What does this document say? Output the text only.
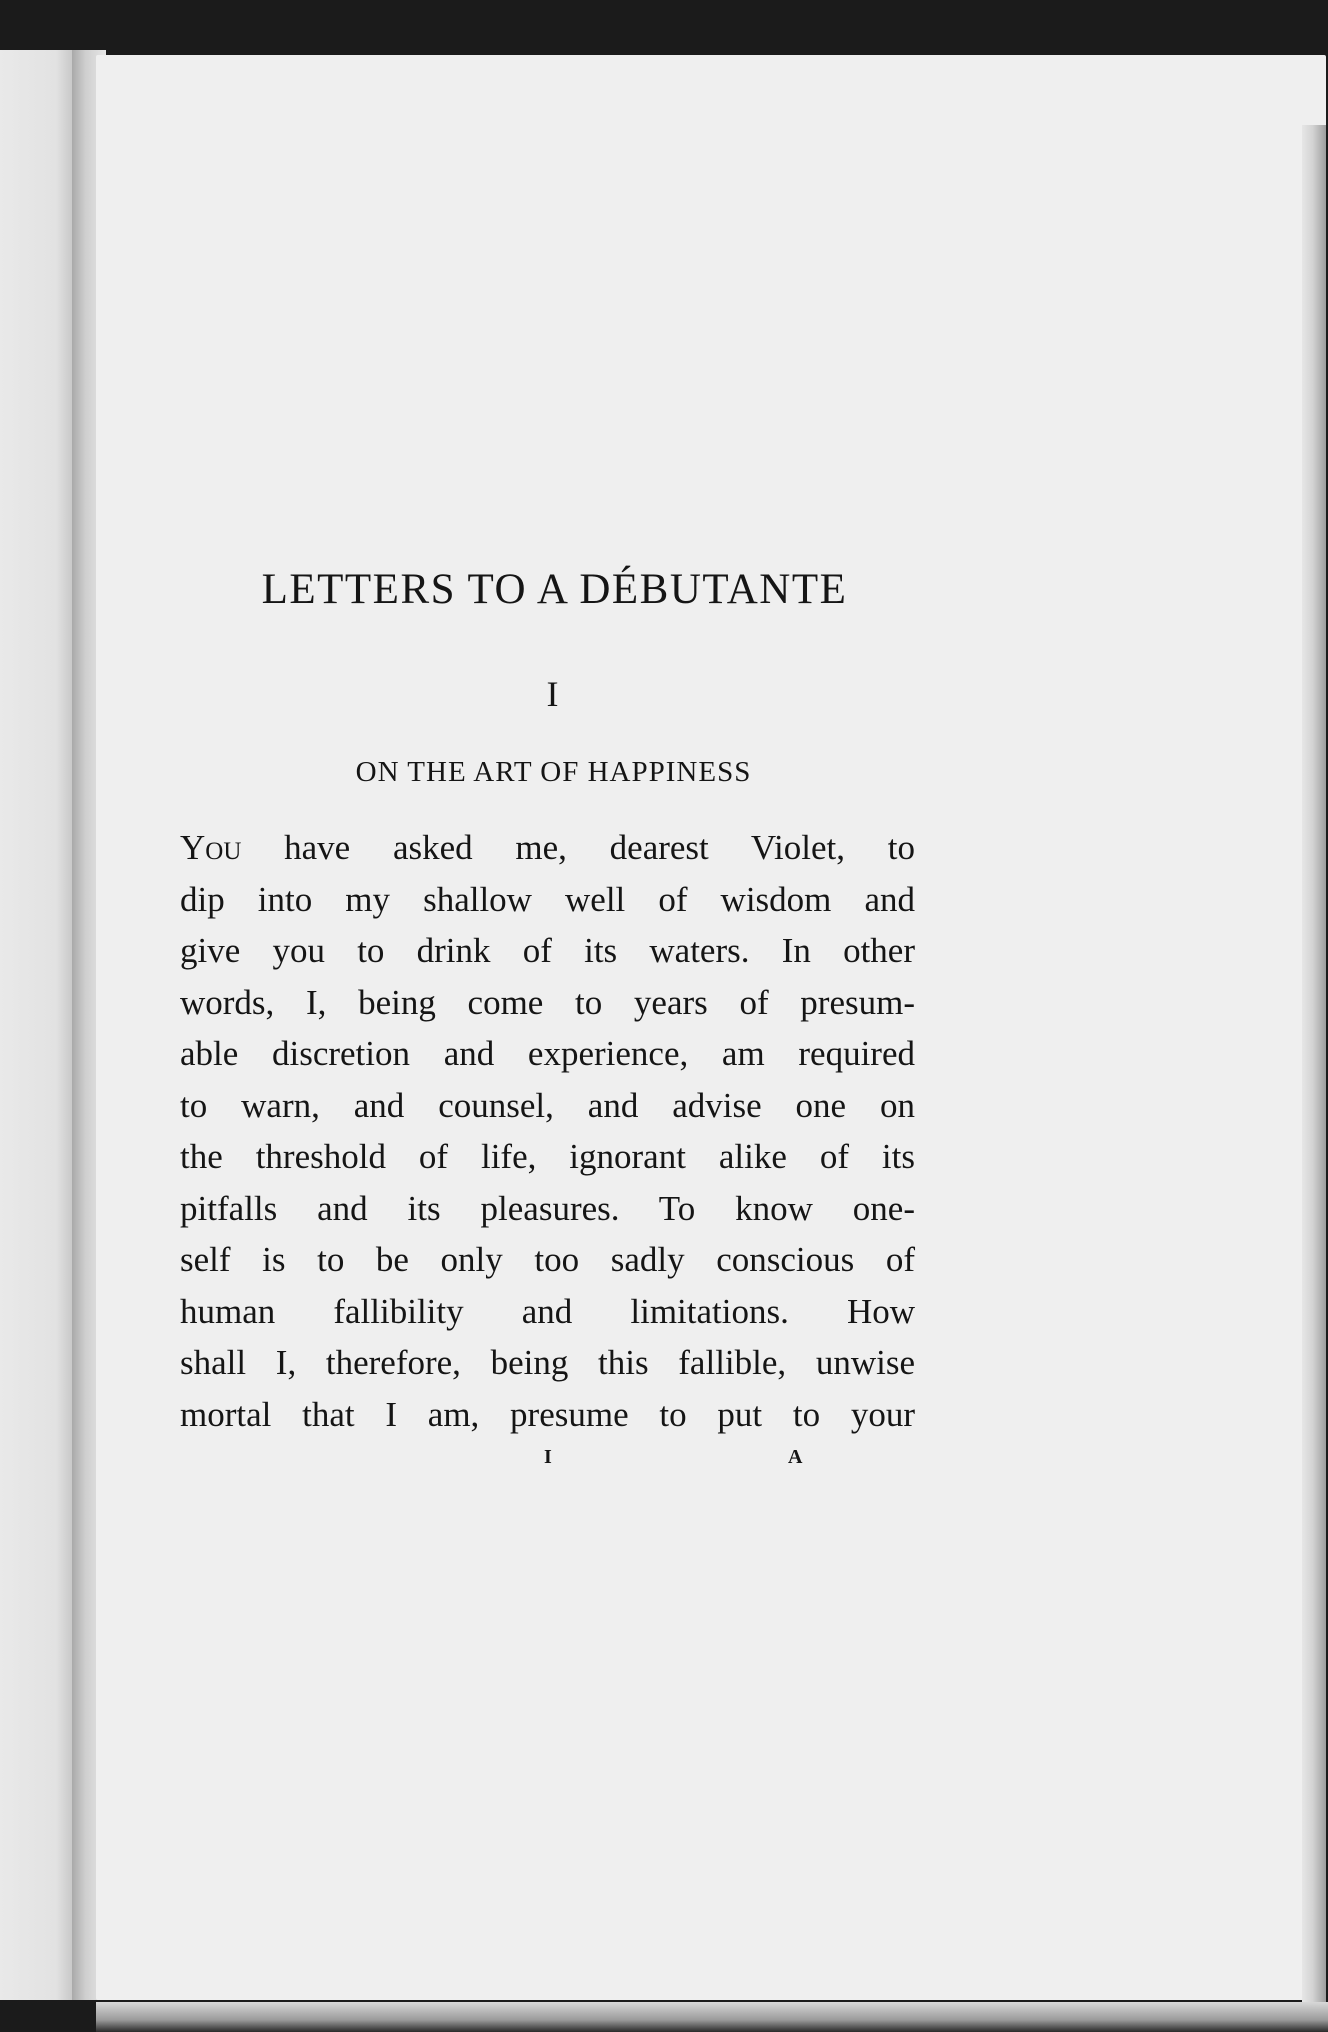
LETTERS TO A DÉBUTANTE
I
ON THE ART OF HAPPINESS
You have asked me, dearest Violet, to
dip into my shallow well of wisdom and
give you to drink of its waters. In other
words, I, being come to years of presum-
able discretion and experience, am required
to warn, and counsel, and advise one on
the threshold of life, ignorant alike of its
pitfalls and its pleasures. To know one-
self is to be only too sadly conscious of
human fallibility and limitations. How
shall I, therefore, being this fallible, unwise
mortal that I am, presume to put to your
I	A
